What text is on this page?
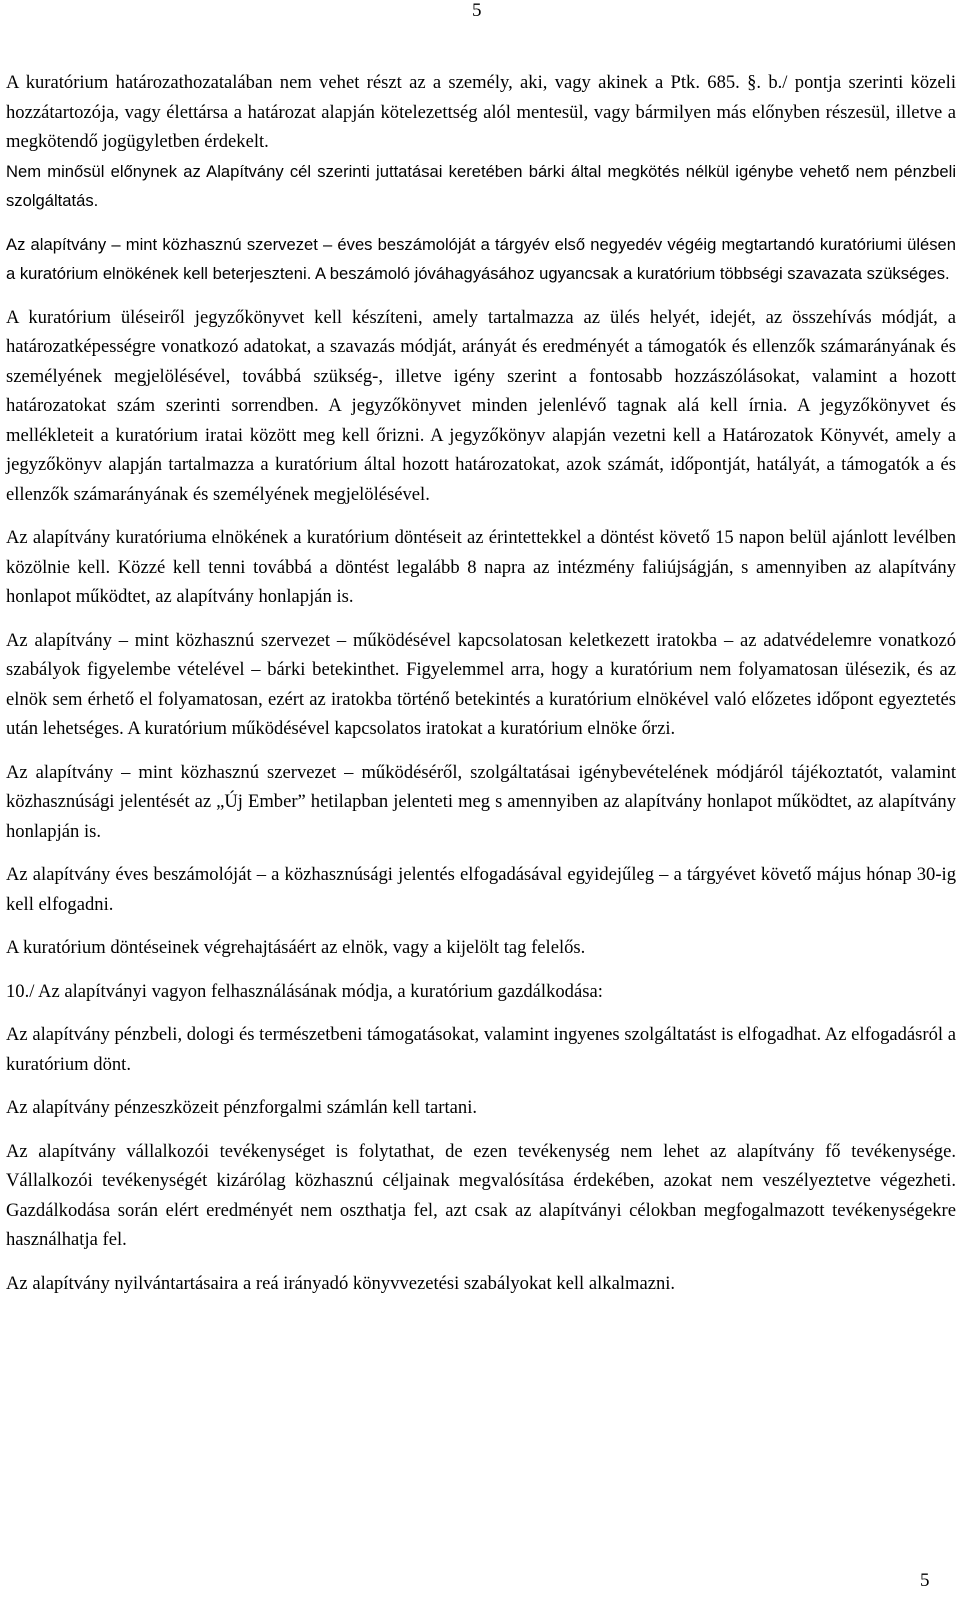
5

A kuratórium határozathozatalában nem vehet részt az a személy, aki, vagy akinek a Ptk. 685. §. b./ pontja szerinti közeli hozzátartozója, vagy élettársa a határozat alapján kötelezettség alól mentesül, vagy bármilyen más előnyben részesül, illetve a megkötendő jogügyletben érdekelt.

Nem minősül előnynek az Alapítvány cél szerinti juttatásai keretében bárki által megkötés nélkül igénybe vehető nem pénzbeli szolgáltatás.

Az alapítvány – mint közhasznú szervezet – éves beszámolóját a tárgyév első negyedév végéig megtartandó kuratóriumi ülésen a kuratórium elnökének kell beterjeszteni. A beszámoló jóváhagyásához ugyancsak a kuratórium többségi szavazata szükséges.

A kuratórium üléseiről jegyzőkönyvet kell készíteni, amely tartalmazza az ülés helyét, idejét, az összehívás módját, a határozatképességre vonatkozó adatokat, a szavazás módját, arányát és eredményét a támogatók és ellenzők számarányának és személyének megjelölésével, továbbá szükség-, illetve igény szerint a fontosabb hozzászólásokat, valamint a hozott határozatokat szám szerinti sorrendben. A jegyzőkönyvet minden jelenlévő tagnak alá kell írnia. A jegyzőkönyvet és mellékleteit a kuratórium iratai között meg kell őrizni. A jegyzőkönyv alapján vezetni kell a Határozatok Könyvét, amely a jegyzőkönyv alapján tartalmazza a kuratórium által hozott határozatokat, azok számát, időpontját, hatályát, a támogatók a és ellenzők számarányának és személyének megjelölésével.

Az alapítvány kuratóriuma elnökének a kuratórium döntéseit az érintettekkel a döntést követő 15 napon belül ajánlott levélben közölnie kell. Közzé kell tenni továbbá a döntést legalább 8 napra az intézmény faliújságján, s amennyiben az alapítvány honlapot működtet, az alapítvány honlapján is.

Az alapítvány – mint közhasznú szervezet – működésével kapcsolatosan keletkezett iratokba – az adatvédelemre vonatkozó szabályok figyelembe vételével – bárki betekinthet. Figyelemmel arra, hogy a kuratórium nem folyamatosan ülésezik, és az elnök sem érhető el folyamatosan, ezért az iratokba történő betekintés a kuratórium elnökével való előzetes időpont egyeztetés után lehetséges. A kuratórium működésével kapcsolatos iratokat a kuratórium elnöke őrzi.

Az alapítvány – mint közhasznú szervezet – működéséről, szolgáltatásai igénybevételének módjáról tájékoztatót, valamint közhasznúsági jelentését az „Új Ember” hetilapban jelenteti meg s amennyiben az alapítvány honlapot működtet, az alapítvány honlapján is.

Az alapítvány éves beszámolóját – a közhasznúsági jelentés elfogadásával egyidejűleg – a tárgyévet követő május hónap 30-ig kell elfogadni.

A kuratórium döntéseinek végrehajtásáért az elnök, vagy a kijelölt tag felelős.

10./ Az alapítványi vagyon felhasználásának módja, a kuratórium gazdálkodása:

Az alapítvány pénzbeli, dologi és természetbeni támogatásokat, valamint ingyenes szolgáltatást is elfogadhat. Az elfogadásról a kuratórium dönt.

Az alapítvány pénzeszközeit pénzforgalmi számlán kell tartani.

Az alapítvány vállalkozói tevékenységet is folytathat, de ezen tevékenység nem lehet az alapítvány fő tevékenysége. Vállalkozói tevékenységét kizárólag közhasznú céljainak megvalósítása érdekében, azokat nem veszélyeztetve végezheti. Gazdálkodása során elért eredményét nem oszthatja fel, azt csak az alapítványi célokban megfogalmazott tevékenységekre használhatja fel.

Az alapítvány nyilvántartásaira a reá irányadó könyvvezetési szabályokat kell alkalmazni.

5
